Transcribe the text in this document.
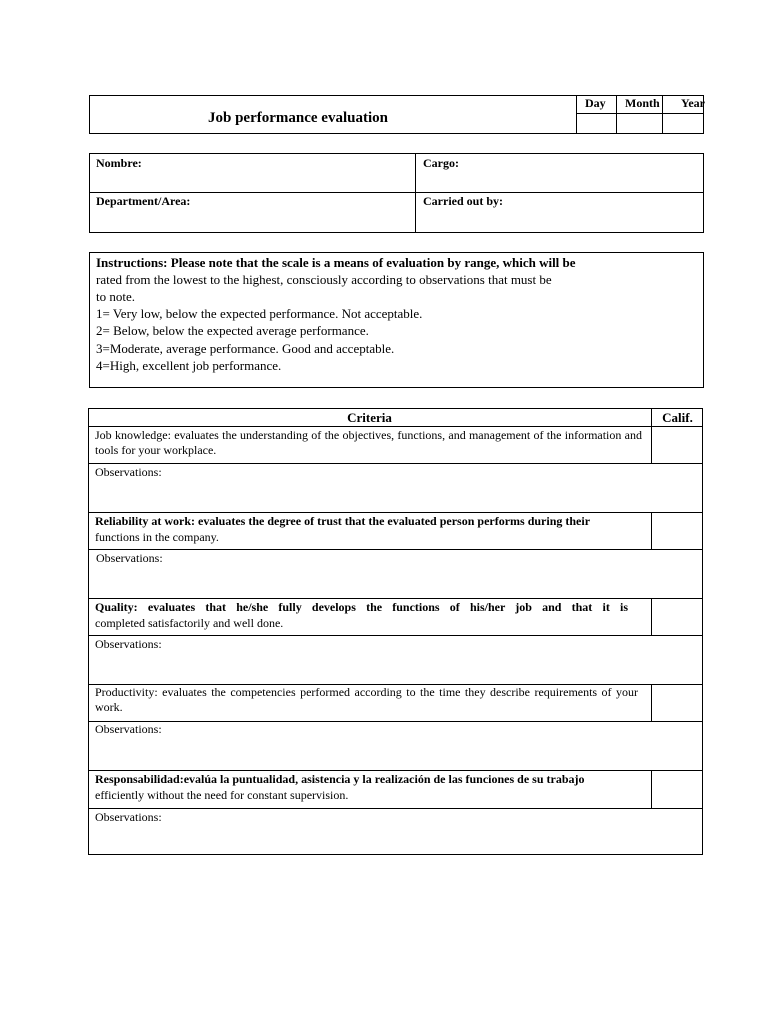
Job performance evaluation
Day Month Year
Nombre:	Cargo:
Department/Area:	Carried out by:
Instructions: Please note that the scale is a means of evaluation by range, which will be
rated from the lowest to the highest, consciously according to observations that must be
to note.
1= Very low, below the expected performance. Not acceptable.
2= Below, below the expected average performance.
3=Moderate, average performance. Good and acceptable.
4=High, excellent job performance.
Criteria	Calif.
Job knowledge: evaluates the understanding of the objectives, functions, and management of the information and tools for your workplace.
Observations:
Reliability at work: evaluates the degree of trust that the evaluated person performs during their
functions in the company.
Observations:
Quality: evaluates that he/she fully develops the functions of his/her job and that it is
completed satisfactorily and well done.
Observations:
Productivity: evaluates the competencies performed according to the time they describe requirements of your work.
Observations:
Responsabilidad:evalúa la puntualidad, asistencia y la realización de las funciones de su trabajo
efficiently without the need for constant supervision.
Observations:
